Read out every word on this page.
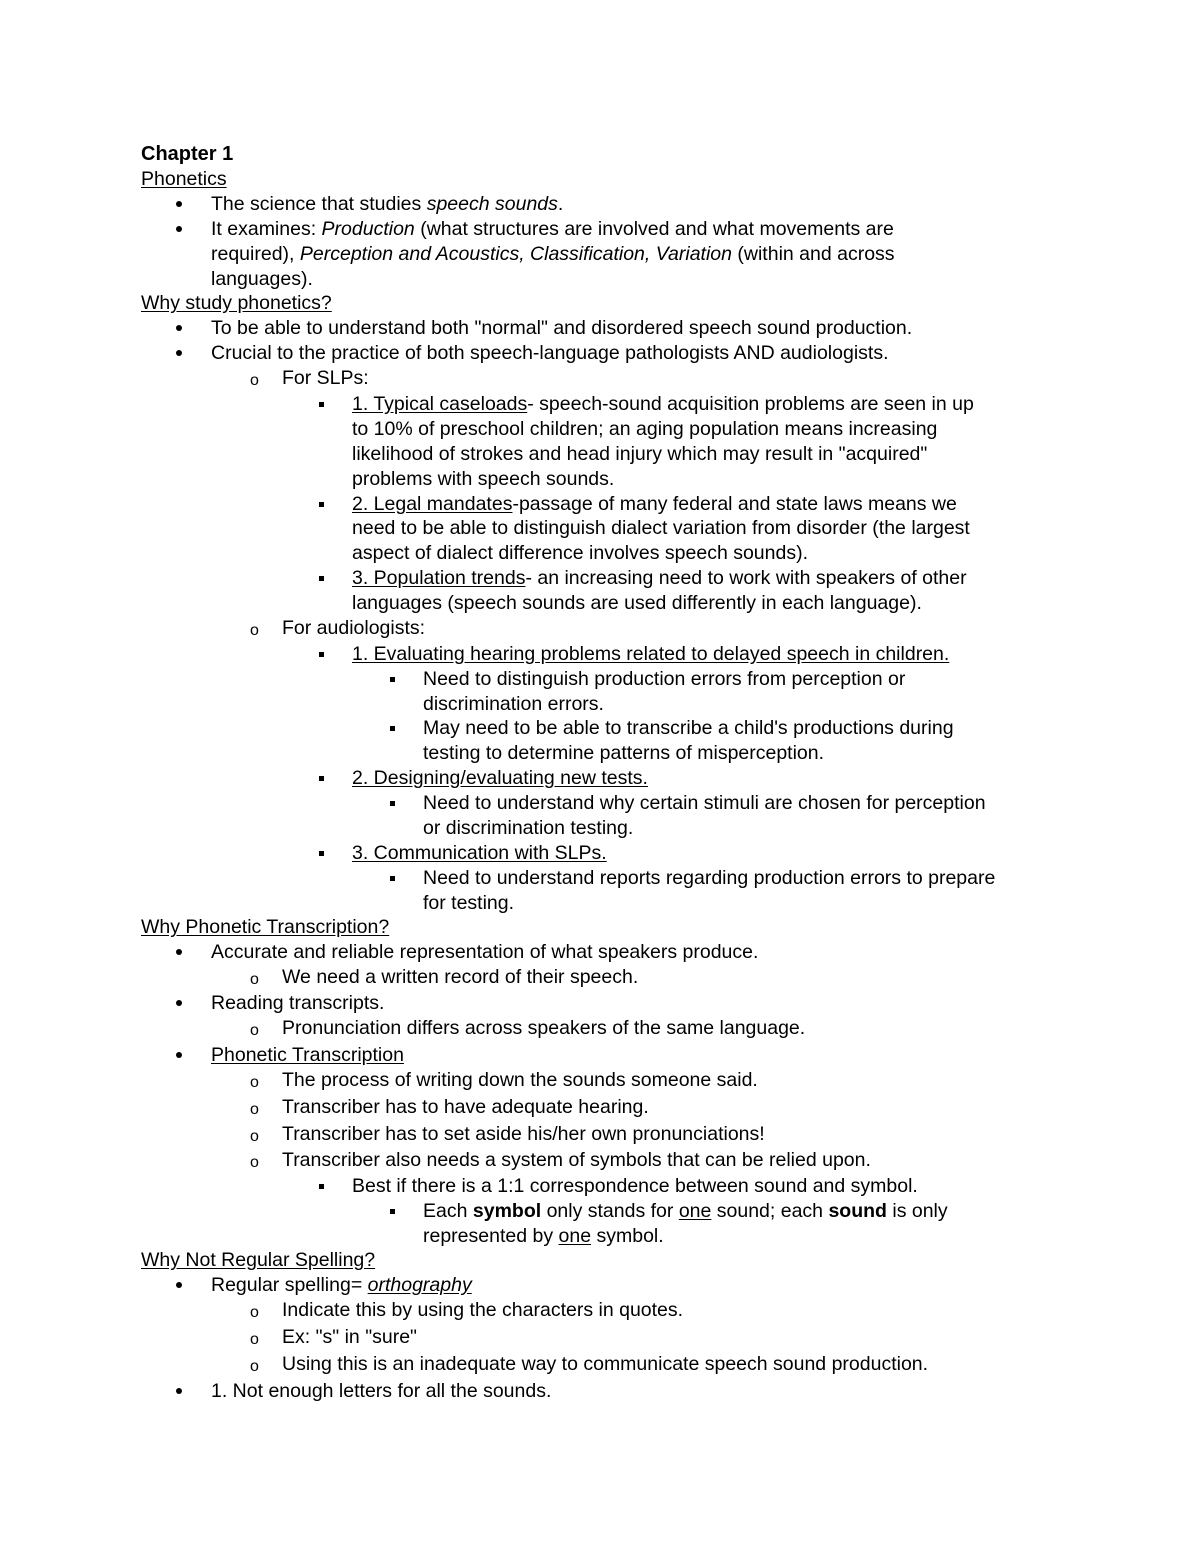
Chapter 1
Phonetics
The science that studies speech sounds.
It examines: Production (what structures are involved and what movements are
required), Perception and Acoustics, Classification, Variation (within and across
languages).
Why study phonetics?
To be able to understand both "normal" and disordered speech sound production.
Crucial to the practice of both speech-language pathologists AND audiologists.
o For SLPs:
1. Typical caseloads- speech-sound acquisition problems are seen in up
to 10% of preschool children; an aging population means increasing
likelihood of strokes and head injury which may result in "acquired"
problems with speech sounds.
2. Legal mandates-passage of many federal and state laws means we
need to be able to distinguish dialect variation from disorder (the largest
aspect of dialect difference involves speech sounds).
3. Population trends- an increasing need to work with speakers of other
languages (speech sounds are used differently in each language).
o For audiologists:
1. Evaluating hearing problems related to delayed speech in children.
Need to distinguish production errors from perception or
discrimination errors.
May need to be able to transcribe a child's productions during
testing to determine patterns of misperception.
2. Designing/evaluating new tests.
Need to understand why certain stimuli are chosen for perception
or discrimination testing.
3. Communication with SLPs.
Need to understand reports regarding production errors to prepare
for testing.
Why Phonetic Transcription?
Accurate and reliable representation of what speakers produce.
o We need a written record of their speech.
Reading transcripts.
o Pronunciation differs across speakers of the same language.
Phonetic Transcription
o The process of writing down the sounds someone said.
o Transcriber has to have adequate hearing.
o Transcriber has to set aside his/her own pronunciations!
o Transcriber also needs a system of symbols that can be relied upon.
Best if there is a 1:1 correspondence between sound and symbol.
Each symbol only stands for one sound; each sound is only
represented by one symbol.
Why Not Regular Spelling?
Regular spelling= orthography
o Indicate this by using the characters in quotes.
o Ex: "s" in "sure"
o Using this is an inadequate way to communicate speech sound production.
1. Not enough letters for all the sounds.
